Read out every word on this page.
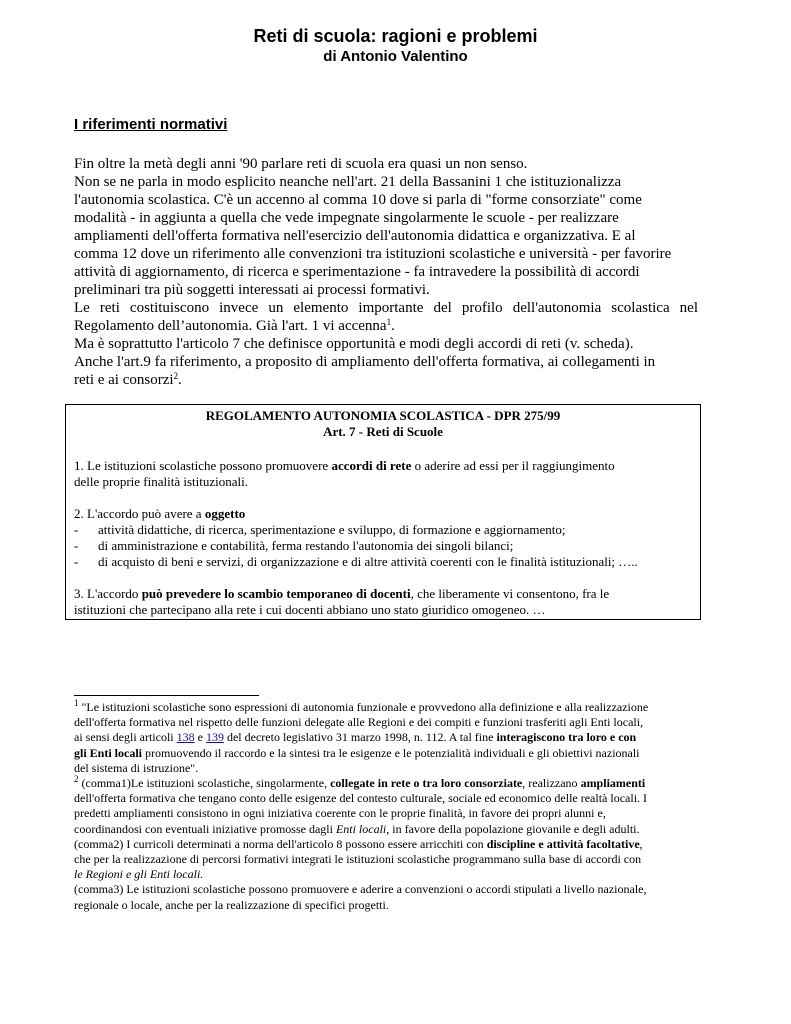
Reti di scuola: ragioni e problemi
di Antonio Valentino
I riferimenti normativi
Fin oltre la metà degli anni '90 parlare reti di scuola era quasi un non senso.
Non se ne parla in modo esplicito neanche nell'art. 21 della Bassanini 1 che istituzionalizza
l'autonomia scolastica. C'è un accenno al comma 10 dove si parla di "forme consorziate" come
modalità - in aggiunta a quella che vede impegnate singolarmente le scuole - per realizzare
ampliamenti dell'offerta formativa nell'esercizio dell'autonomia didattica e organizzativa. E al
comma 12 dove un riferimento alle convenzioni tra istituzioni scolastiche e università - per favorire
attività di aggiornamento, di ricerca e sperimentazione - fa intravedere la possibilità di accordi
preliminari tra più soggetti interessati ai processi formativi.
Le reti costituiscono invece un elemento importante del profilo dell'autonomia scolastica nel
Regolamento dell’autonomia. Già l'art. 1 vi accenna$^1$.
Ma è soprattutto l'articolo 7 che definisce opportunità e modi degli accordi di reti (v. scheda).
Anche l'art.9 fa riferimento, a proposito di ampliamento dell'offerta formativa, ai collegamenti in
reti e ai consorzi$^2$.
REGOLAMENTO AUTONOMIA SCOLASTICA - DPR 275/99
Art. 7 - Reti di Scuole
1. Le istituzioni scolastiche possono promuovere accordi di rete o aderire ad essi per il raggiungimento
delle proprie finalità istituzionali.
2. L'accordo può avere a oggetto
- attività didattiche, di ricerca, sperimentazione e sviluppo, di formazione e aggiornamento;
- di amministrazione e contabilità, ferma restando l'autonomia dei singoli bilanci;
- di acquisto di beni e servizi, di organizzazione e di altre attività coerenti con le finalità istituzionali; …..
3. L'accordo può prevedere lo scambio temporaneo di docenti, che liberamente vi consentono, fra le
istituzioni che partecipano alla rete i cui docenti abbiano uno stato giuridico omogeneo. …
$^1$ "Le istituzioni scolastiche sono espressioni di autonomia funzionale e provvedono alla definizione e alla realizzazione
dell'offerta formativa nel rispetto delle funzioni delegate alle Regioni e dei compiti e funzioni trasferiti agli Enti locali,
ai sensi degli articoli 138 e 139 del decreto legislativo 31 marzo 1998, n. 112. A tal fine interagiscono tra loro e con
gli Enti locali promuovendo il raccordo e la sintesi tra le esigenze e le potenzialità individuali e gli obiettivi nazionali
del sistema di istruzione".
$^2$ (comma1)Le istituzioni scolastiche, singolarmente, collegate in rete o tra loro consorziate, realizzano ampliamenti
dell'offerta formativa che tengano conto delle esigenze del contesto culturale, sociale ed economico delle realtà locali. I
predetti ampliamenti consistono in ogni iniziativa coerente con le proprie finalità, in favore dei propri alunni e,
coordinandosi con eventuali iniziative promosse dagli Enti locali, in favore della popolazione giovanile e degli adulti.
(comma2) I curricoli determinati a norma dell'articolo 8 possono essere arricchiti con discipline e attività facoltative,
che per la realizzazione di percorsi formativi integrati le istituzioni scolastiche programmano sulla base di accordi con
le Regioni e gli Enti locali.
(comma3) Le istituzioni scolastiche possono promuovere e aderire a convenzioni o accordi stipulati a livello nazionale,
regionale o locale, anche per la realizzazione di specifici progetti.
